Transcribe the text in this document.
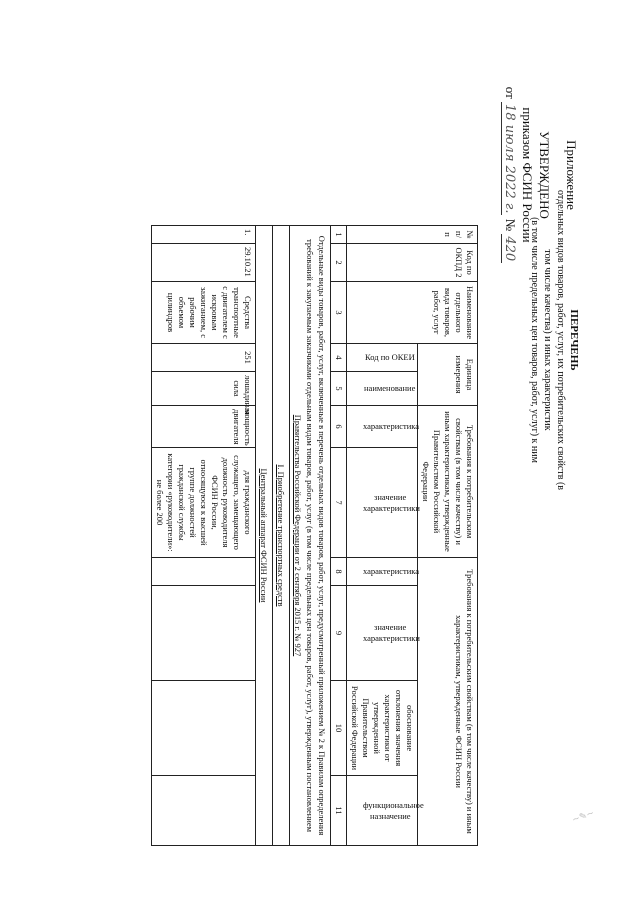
Приложение
УТВЕРЖДЕНО
приказом ФСИН России
от 18 июля 2022 г. № 420
ПЕРЕЧЕНЬ
отдельных видов товаров, работ, услуг, их потребительских свойств (в том числе качества) и иных характеристик
(в том числе предельных цен товаров, работ, услуг) к ним
№ п/п	Код по ОКПД 2	Наименование отдельного вида товаров, работ, услуг	Единица измерения		Требования к потребительским свойствам (в том числе качеству) и иным характеристикам, утвержденные Правительством Российской Федерации		Требования к потребительским свойствам (в том числе качеству) и иным характеристикам, утвержденные ФСИН России			

			Код по ОКЕИ	наименование	характеристика	значение характеристики	характеристика	значение характеристики	обоснование отклонения значения характеристики от утвержденной Правительством Российской Федерации	функциональное назначение

1	2	3	4	5	6	7	8	9	10	11
Отдельные виды товаров, работ, услуг, включенные в перечень отдельных видов товаров, работ, услуг, предусмотренный приложением № 2 к Правилам определения требований к закупаемым заказчиками отдельным видам товаров, работ, услуг (в том числе предельных цен товаров, работ, услуг), утвержденным постановлением Правительства Российской Федерации от 2 сентября 2015 г. № 927										
I. Приобретение транспортных средств										
Центральный аппарат ФСИН России										
1.	29.10.21	Средства транспортные с двигателем с искровым зажиганием, с рабочим объемом цилиндров	251	лошадиная сила	мощность двигателя	для гражданского служащего, замещающего должность руководителя ФСИН России, относящуюся к высшей группе должностей гражданской службы категории «руководители»: не более 200				
~✎~
